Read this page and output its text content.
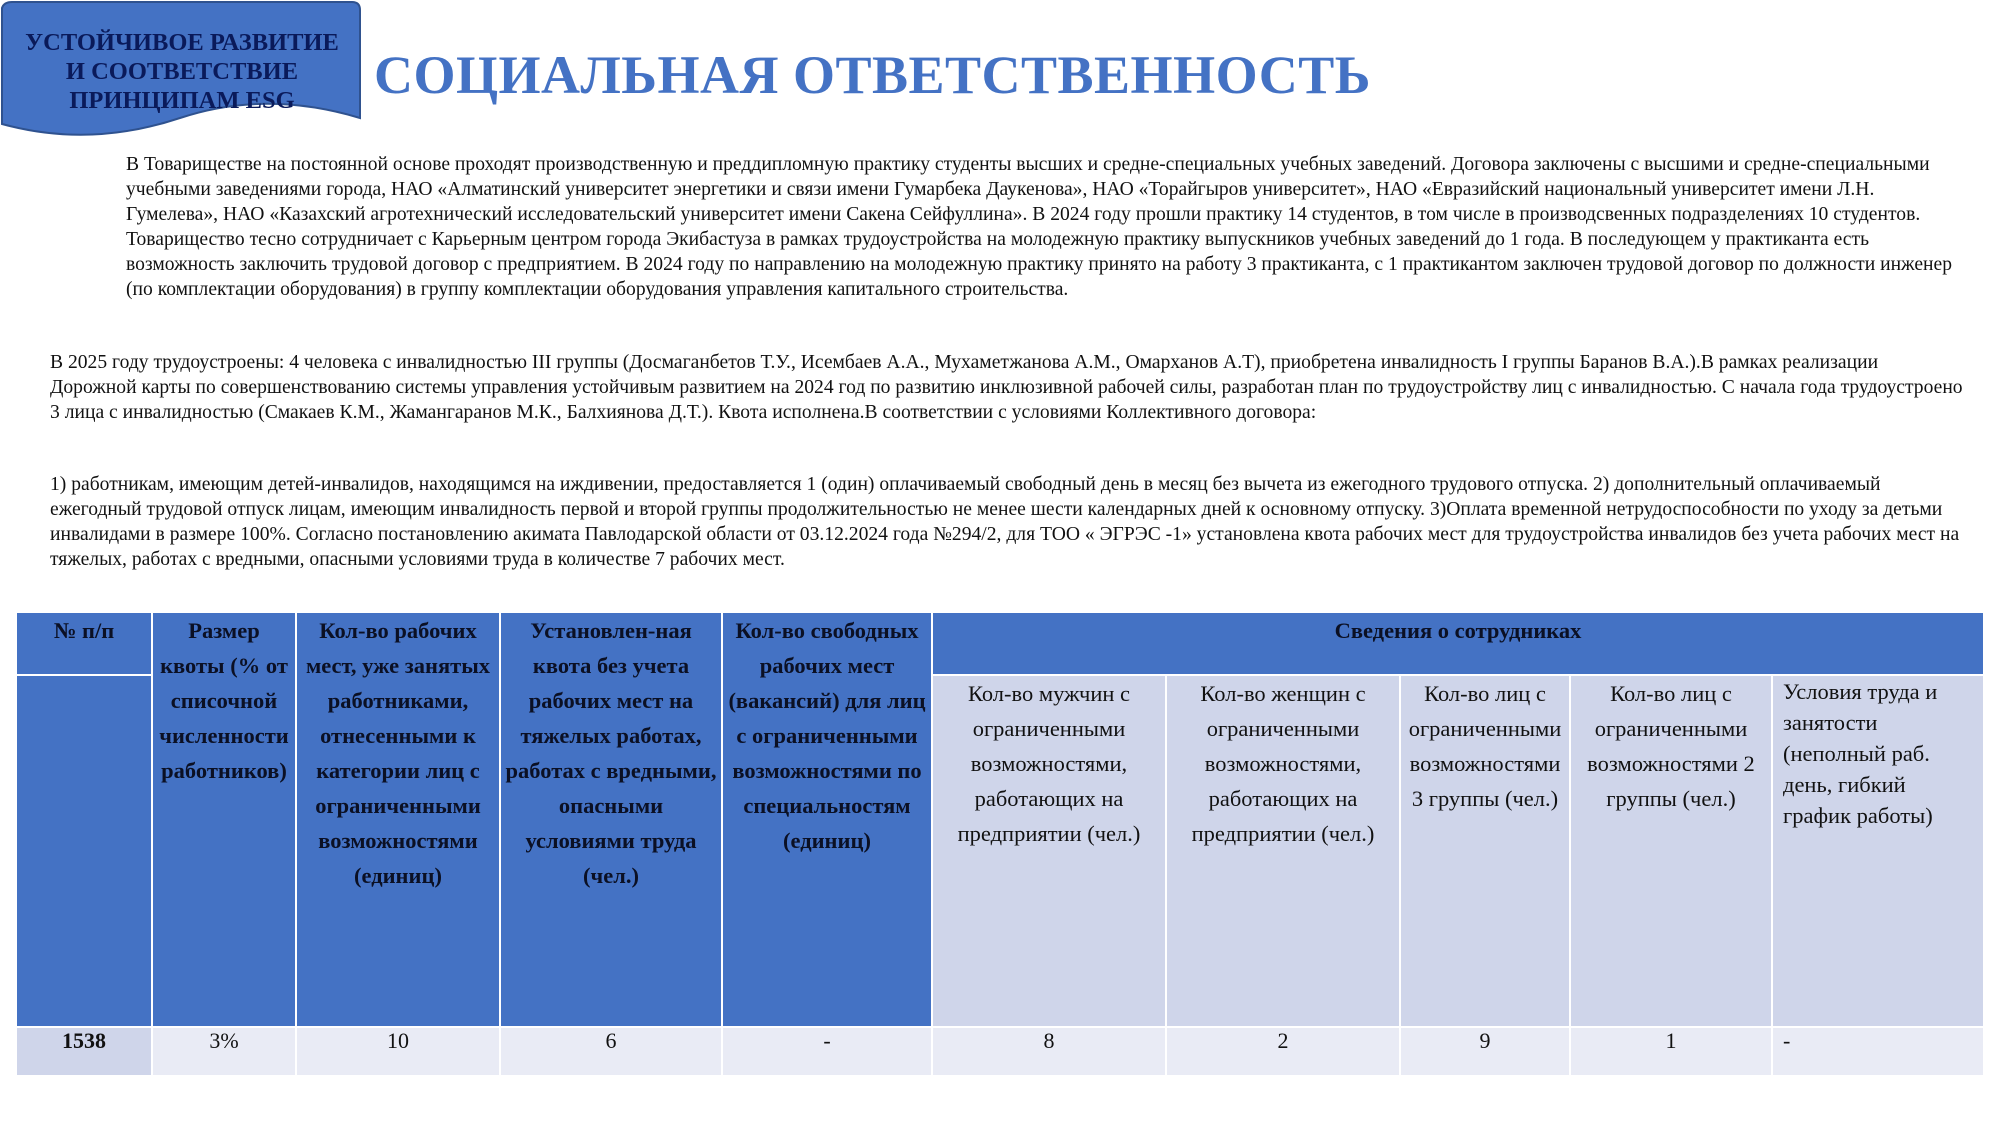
УСТОЙЧИВОЕ РАЗВИТИЕ
И СООТВЕТСТВИЕ
ПРИНЦИПАМ ESG	СОЦИАЛЬНАЯ ОТВЕТСТВЕННОСТЬ

В Товариществе на постоянной основе проходят производственную и преддипломную практику студенты высших и средне-специальных учебных заведений. Договора заключены с высшими и средне-специальными учебными заведениями города, НАО «Алматинский университет энергетики и связи имени Гумарбека Даукенова», НАО «Торайгыров университет», НАО «Евразийский национальный университет имени Л.Н. Гумелева», НАО «Казахский агротехнический исследовательский университет имени Сакена Сейфуллина». В 2024 году прошли практику 14 студентов, в том числе в производсвенных подразделениях 10 студентов. Товарищество тесно сотрудничает с Карьерным центром города Экибастуза в рамках трудоустройства на молодежную практику выпускников учебных заведений до 1 года. В последующем у практиканта есть возможность заключить трудовой договор с предприятием. В 2024 году по направлению на молодежную практику принято на работу 3 практиканта, с 1 практикантом заключен трудовой договор по должности инженер (по комплектации оборудования) в группу комплектации оборудования управления капитального строительства.

В 2025 году трудоустроены: 4 человека с инвалидностью III группы (Досмаганбетов Т.У., Исембаев А.А., Мухаметжанова А.М., Омарханов А.Т), приобретена инвалидность I группы Баранов В.А.).В рамках реализации Дорожной карты по совершенствованию системы управления устойчивым развитием на 2024 год по развитию инклюзивной рабочей силы, разработан план по трудоустройству лиц с инвалидностью. С начала года трудоустроено 3 лица с инвалидностью (Смакаев К.М., Жамангаранов М.К., Балхиянова Д.Т.). Квота исполнена.В соответствии с условиями Коллективного договора:

1) работникам, имеющим детей-инвалидов, находящимся на иждивении, предоставляется 1 (один) оплачиваемый свободный день в месяц без вычета из ежегодного трудового отпуска. 2) дополнительный оплачиваемый ежегодный трудовой отпуск лицам, имеющим инвалидность первой и второй группы продолжительностью не менее шести календарных дней к основному отпуску. 3)Оплата временной нетрудоспособности по уходу за детьми инвалидами в размере 100%. Согласно постановлению акимата Павлодарской области от 03.12.2024 года №294/2, для ТОО « ЭГРЭС -1» установлена квота рабочих мест для трудоустройства инвалидов без учета рабочих мест на тяжелых, работах с вредными, опасными условиями труда в количестве 7 рабочих мест.

№ п/п	Размер квоты (% от списочной численности работников)	Кол-во рабочих мест, уже занятых работниками, отнесенными к категории лиц с ограниченными возможностями (единиц)	Установлен-ная квота без учета рабочих мест на тяжелых работах, работах с вредными, опасными условиями труда (чел.)	Кол-во свободных рабочих мест (вакансий) для лиц с ограниченными возможностями по специальностям (единиц)	Сведения о сотрудниках				
					Кол-во мужчин с ограниченными возможностями, работающих на предприятии (чел.)	Кол-во женщин с ограниченными возможностями, работающих на предприятии (чел.)	Кол-во лиц с ограниченными возможностями 3 группы (чел.)	Кол-во лиц с ограниченными возможностями 2 группы (чел.)	Условия труда и занятости (неполный раб. день, гибкий график работы)
1538	3%	10	6	-	8	2	9	1	-
